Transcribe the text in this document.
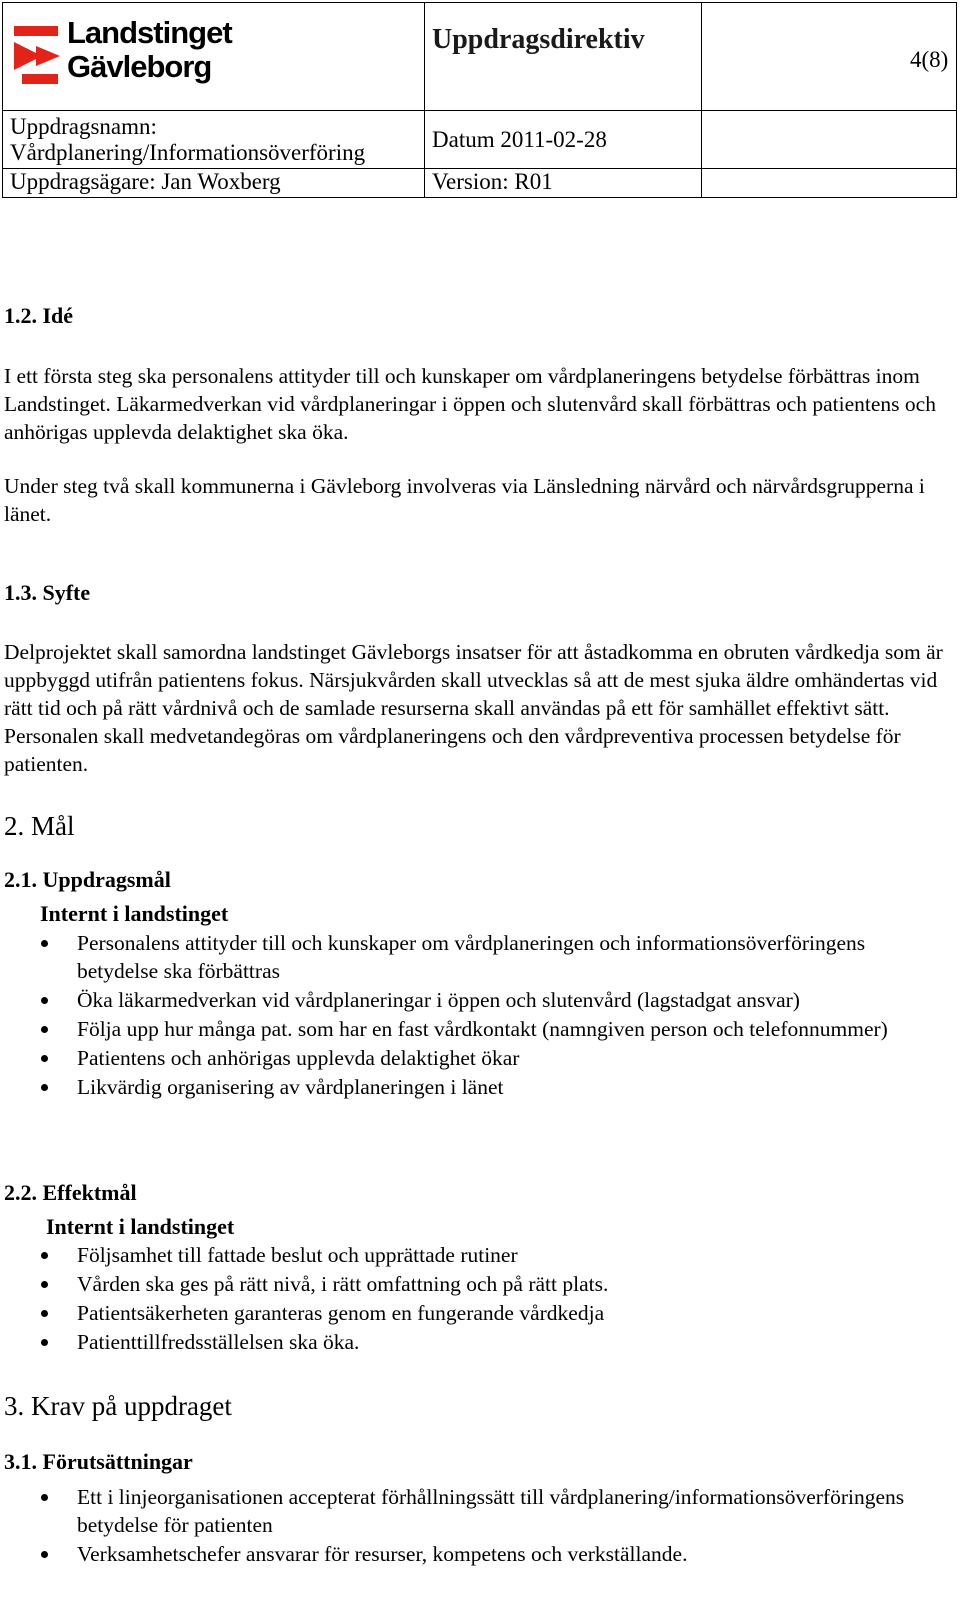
Landstinget
Gävleborg
Uppdragsdirektiv
4(8)
Uppdragsnamn:
Vårdplanering/Informationsöverföring
Datum 2011-02-28
Uppdragsägare: Jan Woxberg	Version: R01
1.2. Idé
I ett första steg ska personalens attityder till och kunskaper om vårdplaneringens betydelse förbättras inom Landstinget. Läkarmedverkan vid vårdplaneringar i öppen och slutenvård skall förbättras och patientens och anhörigas upplevda delaktighet ska öka.
Under steg två skall kommunerna i Gävleborg involveras via Länsledning närvård och närvårdsgrupperna i länet.
1.3. Syfte
Delprojektet skall samordna landstinget Gävleborgs insatser för att åstadkomma en obruten vårdkedja som är uppbyggd utifrån patientens fokus. Närsjukvården skall utvecklas så att de mest sjuka äldre omhändertas vid rätt tid och på rätt vårdnivå och de samlade resurserna skall användas på ett för samhället effektivt sätt. Personalen skall medvetandegöras om vårdplaneringens och den vårdpreventiva processen betydelse för patienten.
2. Mål
2.1. Uppdragsmål
Internt i landstinget
Personalens attityder till och kunskaper om vårdplaneringen och informationsöverföringens betydelse ska förbättras
Öka läkarmedverkan vid vårdplaneringar i öppen och slutenvård (lagstadgat ansvar)
Följa upp hur många pat. som har en fast vårdkontakt (namngiven person och telefonnummer)
Patientens och anhörigas upplevda delaktighet ökar
Likvärdig organisering av vårdplaneringen i länet
2.2. Effektmål
Internt i landstinget
Följsamhet till fattade beslut och upprättade rutiner
Vården ska ges på rätt nivå, i rätt omfattning och på rätt plats.
Patientsäkerheten garanteras genom en fungerande vårdkedja
Patienttillfredsställelsen ska öka.
3. Krav på uppdraget
3.1. Förutsättningar
Ett i linjeorganisationen accepterat förhållningssätt till vårdplanering/informationsöverföringens betydelse för patienten
Verksamhetschefer ansvarar för resurser, kompetens och verkställande.
